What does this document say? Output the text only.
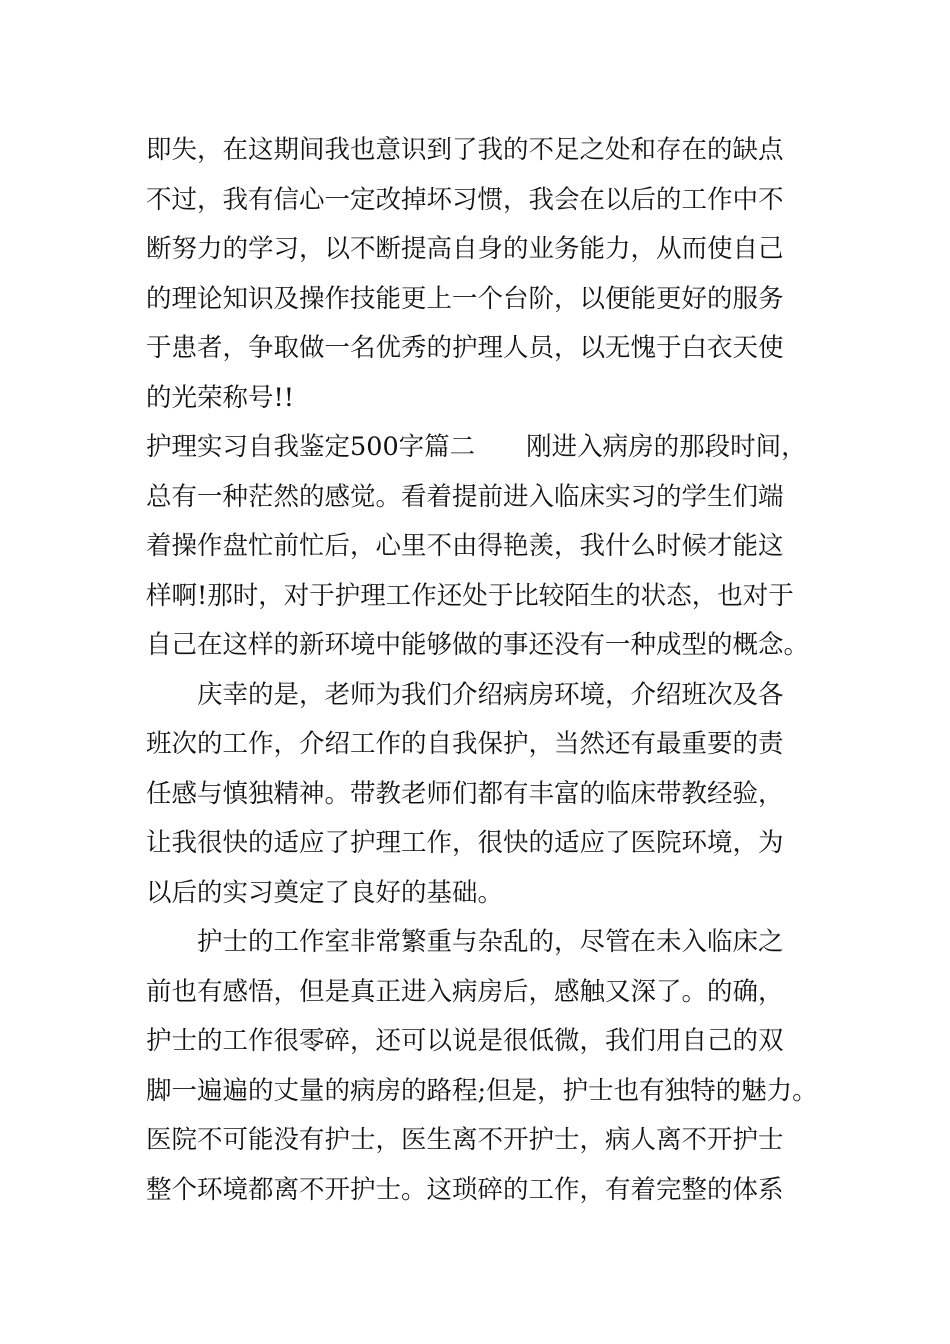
即失，在这期间我也意识到了我的不足之处和存在的缺点
不过，我有信心一定改掉坏习惯，我会在以后的工作中不
断努力的学习，以不断提高自身的业务能力，从而使自己
的理论知识及操作技能更上一个台阶，以便能更好的服务
于患者，争取做一名优秀的护理人员，以无愧于白衣天使
的光荣称号!!
护理实习自我鉴定500字篇二　　刚进入病房的那段时间，
总有一种茫然的感觉。看着提前进入临床实习的学生们端
着操作盘忙前忙后，心里不由得艳羡，我什么时候才能这
样啊!那时，对于护理工作还处于比较陌生的状态，也对于
自己在这样的新环境中能够做的事还没有一种成型的概念。
　　庆幸的是，老师为我们介绍病房环境，介绍班次及各
班次的工作，介绍工作的自我保护，当然还有最重要的责
任感与慎独精神。带教老师们都有丰富的临床带教经验，
让我很快的适应了护理工作，很快的适应了医院环境，为
以后的实习奠定了良好的基础。
　　护士的工作室非常繁重与杂乱的，尽管在未入临床之
前也有感悟，但是真正进入病房后，感触又深了。的确，
护士的工作很零碎，还可以说是很低微，我们用自己的双
脚一遍遍的丈量的病房的路程;但是，护士也有独特的魅力。
医院不可能没有护士，医生离不开护士，病人离不开护士
整个环境都离不开护士。这琐碎的工作，有着完整的体系
